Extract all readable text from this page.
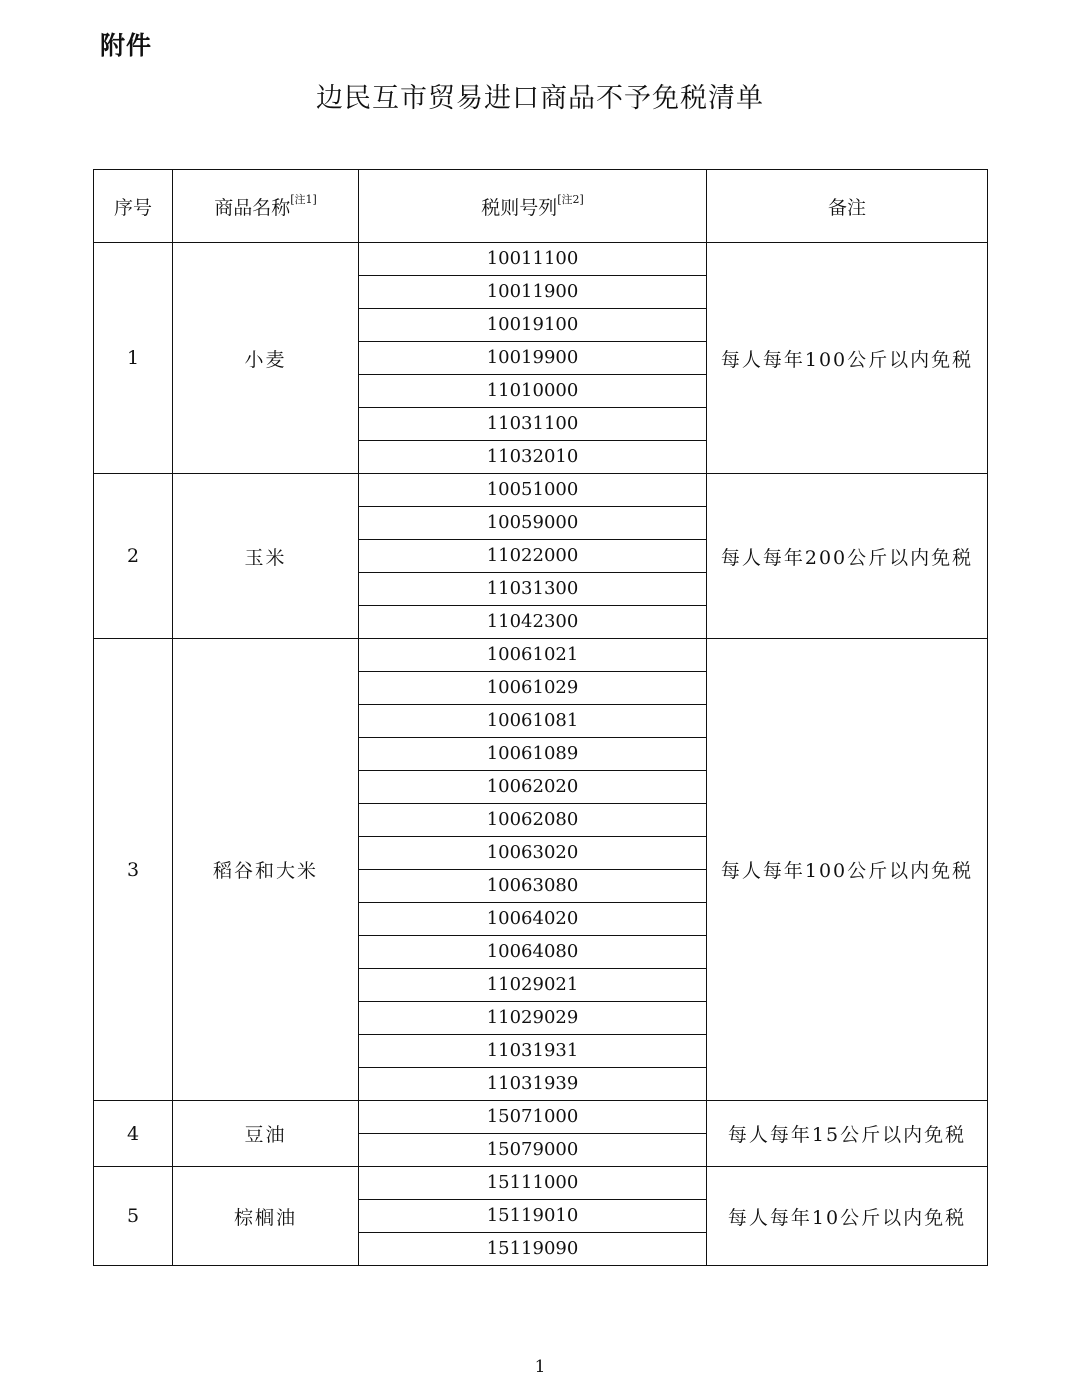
附件
边民互市贸易进口商品不予免税清单
序号	商品名称[注1]	税则号列[注2]	备注
1	小麦	10011100	每人每年100公斤以内免税
		10011900	
		10019100	
		10019900	
		11010000	
		11031100	
		11032010	
2	玉米	10051000	每人每年200公斤以内免税
		10059000	
		11022000	
		11031300	
		11042300	
3	稻谷和大米	10061021	每人每年100公斤以内免税
		10061029	
		10061081	
		10061089	
		10062020	
		10062080	
		10063020	
		10063080	
		10064020	
		10064080	
		11029021	
		11029029	
		11031931	
		11031939	
4	豆油	15071000	每人每年15公斤以内免税
		15079000	
5	棕榈油	15111000	每人每年10公斤以内免税
		15119010	
		15119090	
1
